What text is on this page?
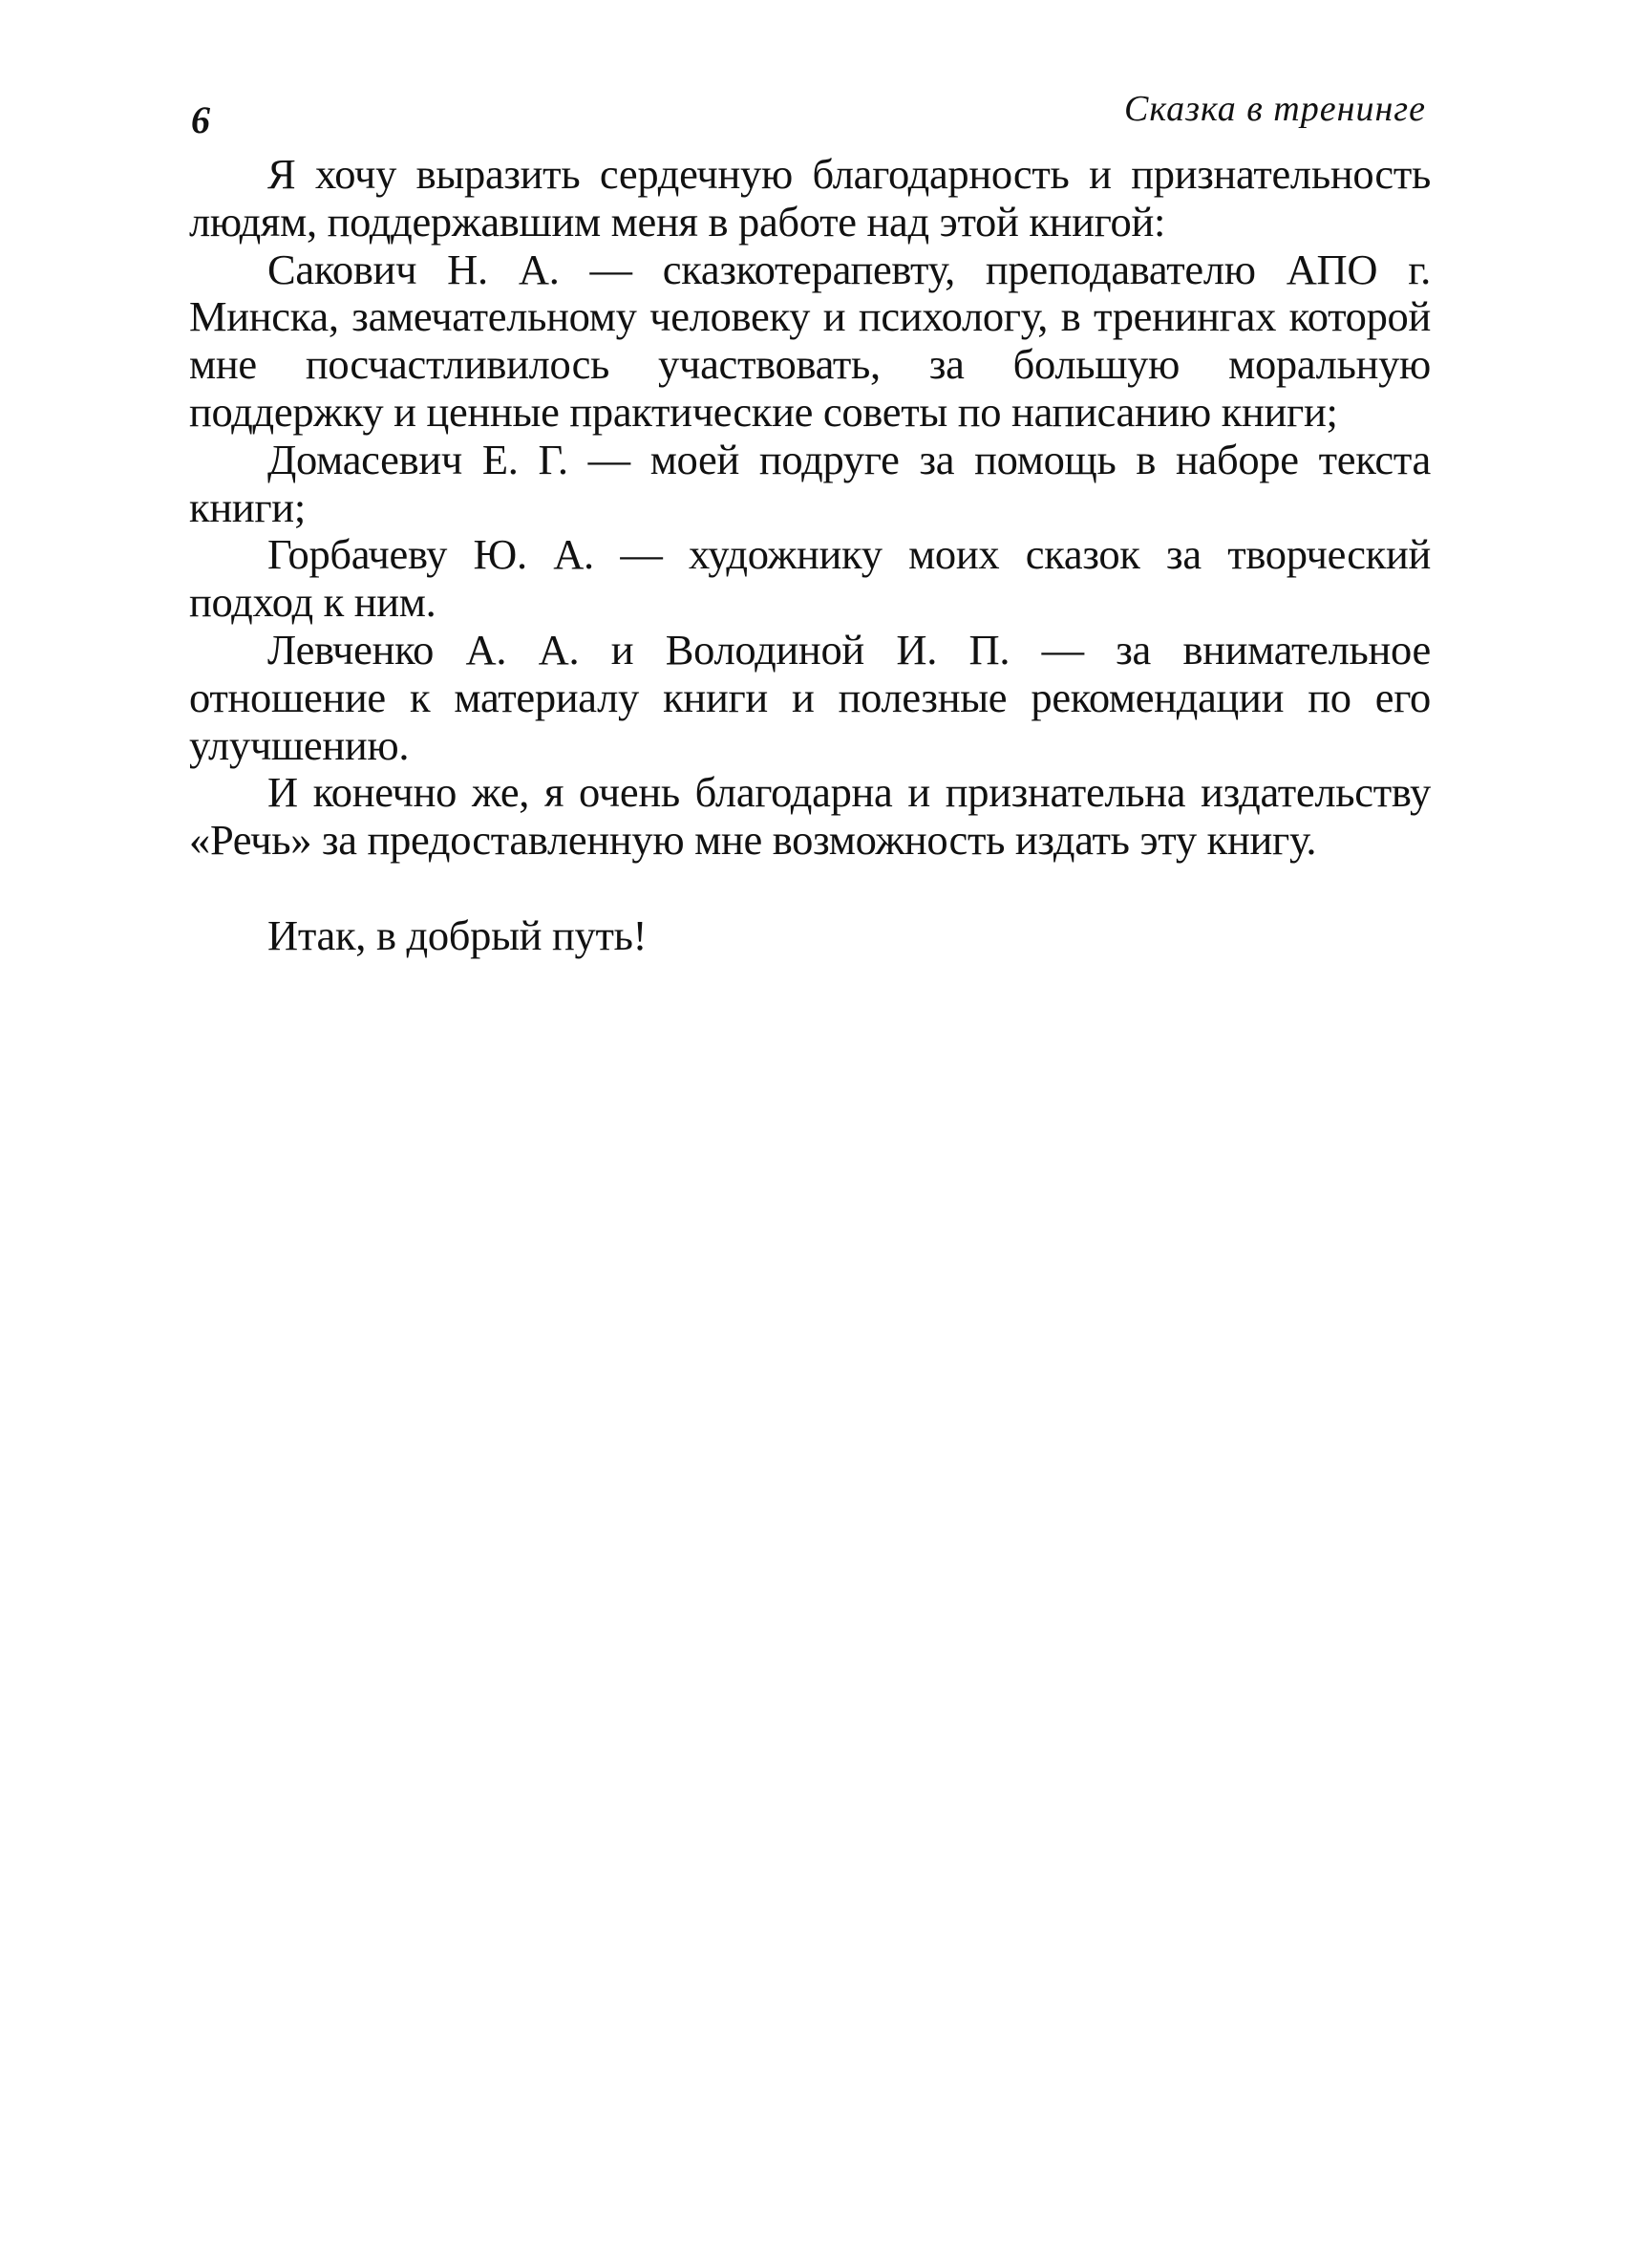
6	Сказка в тренинге

Я хочу выразить сердечную благодарность и признательность людям, поддержавшим меня в работе над этой книгой:

Сакович Н. А. — сказкотерапевту, преподавателю АПО г. Минска, замечательному человеку и психологу, в тренингах которой мне посчастливилось участвовать, за большую моральную поддержку и ценные практические советы по написанию книги;

Домасевич Е. Г. — моей подруге за помощь в наборе текста книги;

Горбачеву Ю. А. — художнику моих сказок за творческий подход к ним.

Левченко А. А. и Володиной И. П. — за внимательное отношение к материалу книги и полезные рекомендации по его улучшению.

И конечно же, я очень благодарна и признательна издательству «Речь» за предоставленную мне возможность издать эту книгу.

Итак, в добрый путь!
